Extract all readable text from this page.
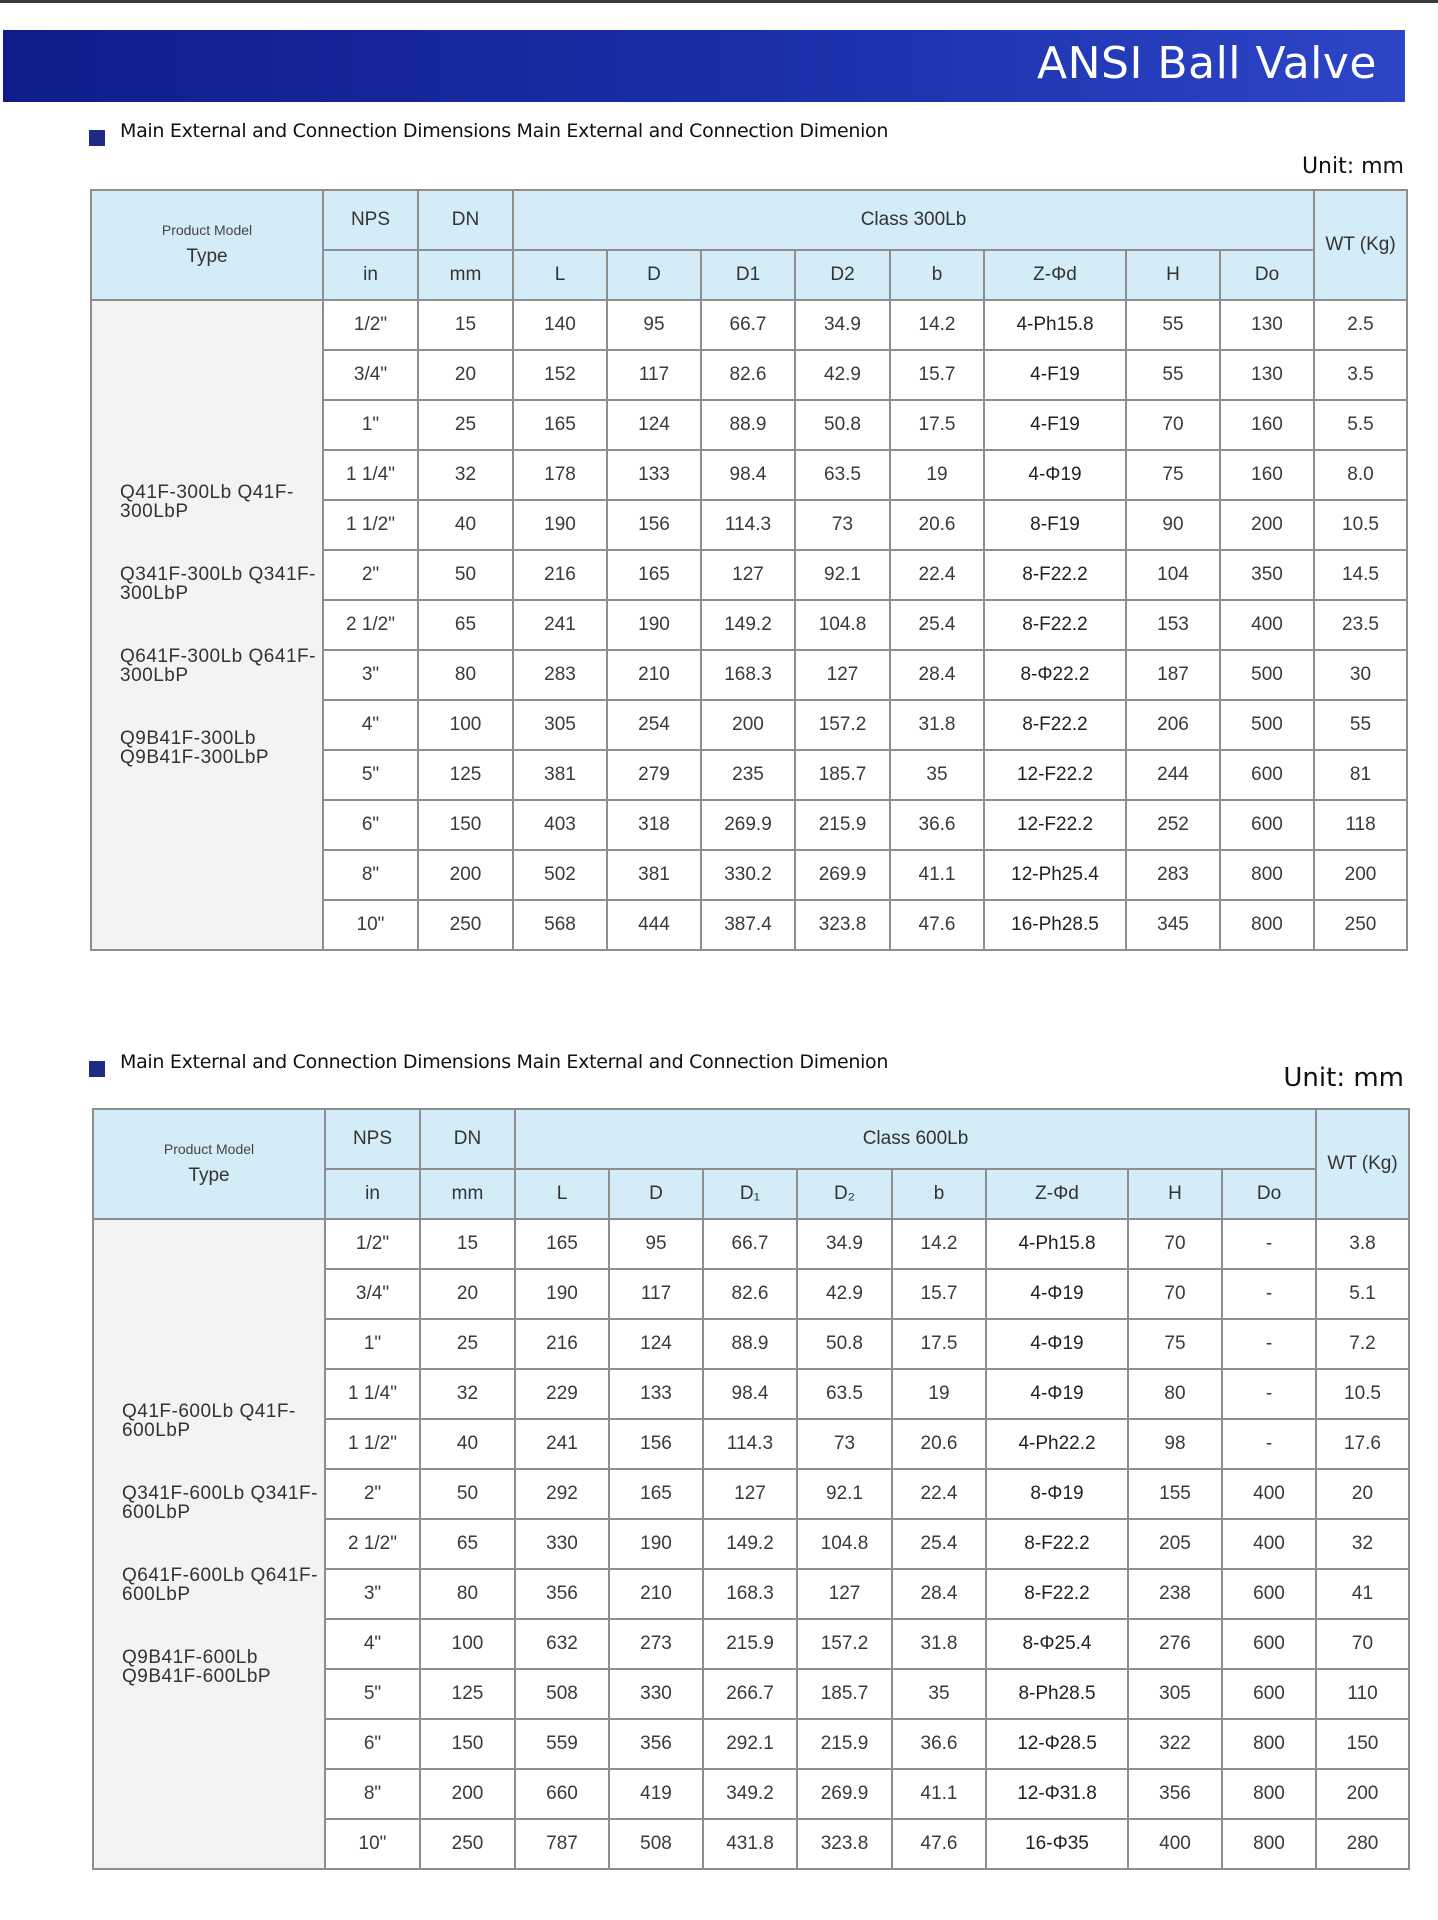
ANSI Ball Valve
Main External and Connection Dimensions Main External and Connection Dimenion
Unit: mm
Product Model
Type	NPS	DN	Class 300Lb								WT (Kg)
	in	mm	L	D	D1	D2	b	Z-Φd	H	Do	

Q41F-300Lb Q41F-300LbP
Q341F-300Lb Q341F-300LbP
Q641F-300Lb Q641F-300LbP
Q9B41F-300Lb Q9B41F-300LbP	1/2"	15	140	95	66.7	34.9	14.2	4-Ph15.8	55	130	2.5
	3/4"	20	152	117	82.6	42.9	15.7	4-F19	55	130	3.5
	1"	25	165	124	88.9	50.8	17.5	4-F19	70	160	5.5
	1 1/4"	32	178	133	98.4	63.5	19	4-Φ19	75	160	8.0
	1 1/2"	40	190	156	114.3	73	20.6	8-F19	90	200	10.5
	2"	50	216	165	127	92.1	22.4	8-F22.2	104	350	14.5
	2 1/2"	65	241	190	149.2	104.8	25.4	8-F22.2	153	400	23.5
	3"	80	283	210	168.3	127	28.4	8-Φ22.2	187	500	30
	4"	100	305	254	200	157.2	31.8	8-F22.2	206	500	55
	5"	125	381	279	235	185.7	35	12-F22.2	244	600	81
	6"	150	403	318	269.9	215.9	36.6	12-F22.2	252	600	118
	8"	200	502	381	330.2	269.9	41.1	12-Ph25.4	283	800	200
	10"	250	568	444	387.4	323.8	47.6	16-Ph28.5	345	800	250
Main External and Connection Dimensions Main External and Connection Dimenion
Unit: mm
Product Model
Type	NPS	DN	Class 600Lb								WT (Kg)
	in	mm	L	D	D₁	D₂	b	Z-Φd	H	Do	

Q41F-600Lb Q41F-600LbP
Q341F-600Lb Q341F-600LbP
Q641F-600Lb Q641F-600LbP
Q9B41F-600Lb Q9B41F-600LbP	1/2"	15	165	95	66.7	34.9	14.2	4-Ph15.8	70	-	3.8
	3/4"	20	190	117	82.6	42.9	15.7	4-Φ19	70	-	5.1
	1"	25	216	124	88.9	50.8	17.5	4-Φ19	75	-	7.2
	1 1/4"	32	229	133	98.4	63.5	19	4-Φ19	80	-	10.5
	1 1/2"	40	241	156	114.3	73	20.6	4-Ph22.2	98	-	17.6
	2"	50	292	165	127	92.1	22.4	8-Φ19	155	400	20
	2 1/2"	65	330	190	149.2	104.8	25.4	8-F22.2	205	400	32
	3"	80	356	210	168.3	127	28.4	8-F22.2	238	600	41
	4"	100	632	273	215.9	157.2	31.8	8-Φ25.4	276	600	70
	5"	125	508	330	266.7	185.7	35	8-Ph28.5	305	600	110
	6"	150	559	356	292.1	215.9	36.6	12-Φ28.5	322	800	150
	8"	200	660	419	349.2	269.9	41.1	12-Φ31.8	356	800	200
	10"	250	787	508	431.8	323.8	47.6	16-Φ35	400	800	280
